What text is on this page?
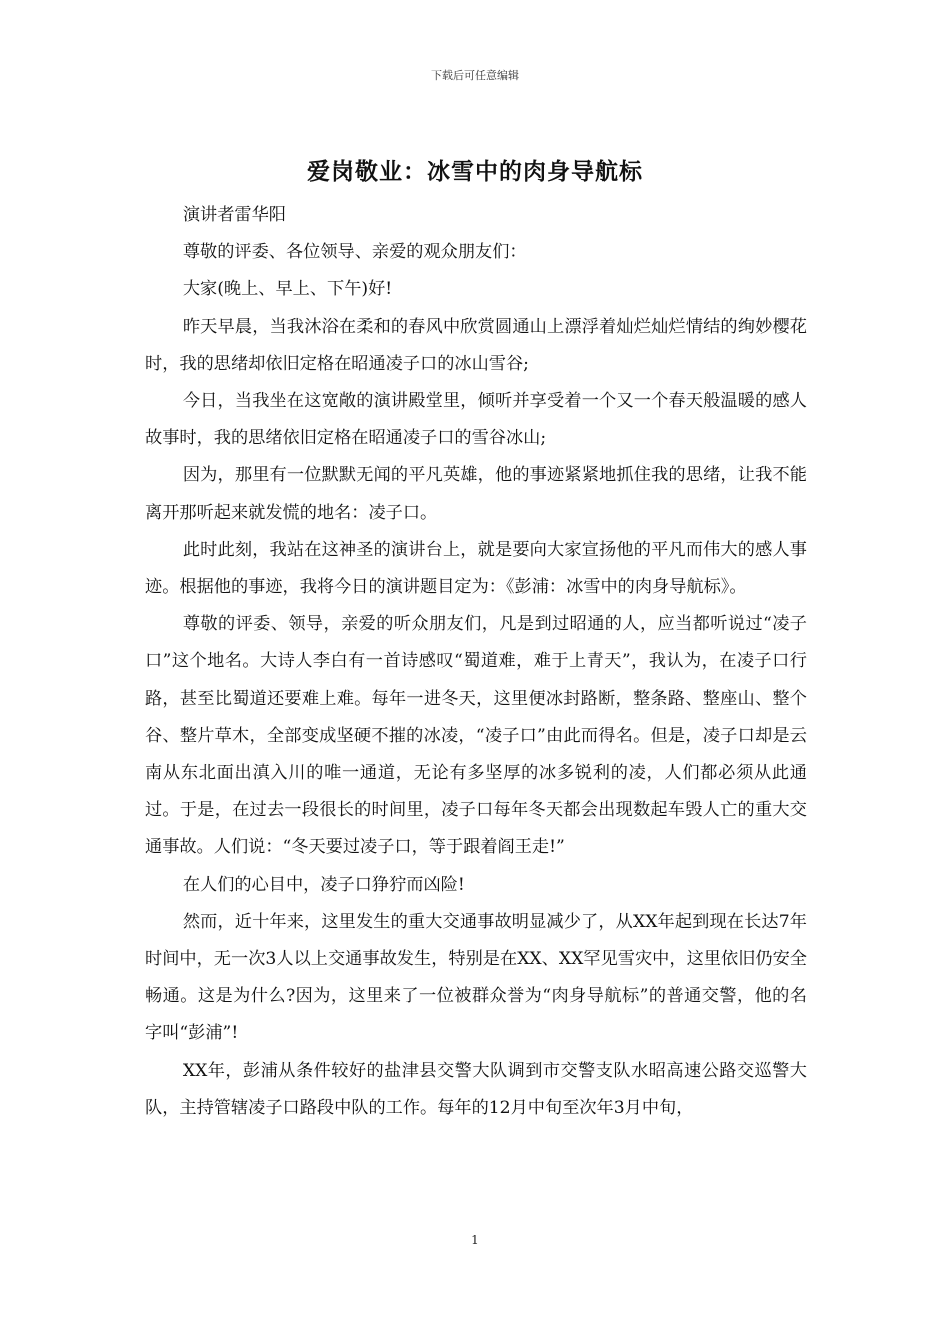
下载后可任意编辑
爱岗敬业：冰雪中的肉身导航标

演讲者雷华阳

尊敬的评委、各位领导、亲爱的观众朋友们：

大家(晚上、早上、下午)好!

昨天早晨，当我沐浴在柔和的春风中欣赏圆通山上漂浮着灿烂灿烂情结的绚妙樱花时，我的思绪却依旧定格在昭通凌子口的冰山雪谷;

今日，当我坐在这宽敞的演讲殿堂里，倾听并享受着一个又一个春天般温暖的感人故事时，我的思绪依旧定格在昭通凌子口的雪谷冰山;

因为，那里有一位默默无闻的平凡英雄，他的事迹紧紧地抓住我的思绪，让我不能离开那听起来就发慌的地名：凌子口。

此时此刻，我站在这神圣的演讲台上，就是要向大家宣扬他的平凡而伟大的感人事迹。根据他的事迹，我将今日的演讲题目定为：《彭浦：冰雪中的肉身导航标》。

尊敬的评委、领导，亲爱的听众朋友们，凡是到过昭通的人，应当都听说过“凌子口”这个地名。大诗人李白有一首诗感叹“蜀道难，难于上青天”，我认为，在凌子口行路，甚至比蜀道还要难上难。每年一进冬天，这里便冰封路断，整条路、整座山、整个谷、整片草木，全部变成坚硬不摧的冰凌，“凌子口”由此而得名。但是，凌子口却是云南从东北面出滇入川的唯一通道，无论有多坚厚的冰多锐利的凌，人们都必须从此通过。于是，在过去一段很长的时间里，凌子口每年冬天都会出现数起车毁人亡的重大交通事故。人们说：“冬天要过凌子口，等于跟着阎王走!”

在人们的心目中，凌子口狰狞而凶险!

然而，近十年来，这里发生的重大交通事故明显减少了，从XX年起到现在长达7年时间中，无一次3人以上交通事故发生，特别是在XX、XX罕见雪灾中，这里依旧仍安全畅通。这是为什么?因为，这里来了一位被群众誉为“肉身导航标”的普通交警，他的名字叫“彭浦”!

XX年，彭浦从条件较好的盐津县交警大队调到市交警支队水昭高速公路交巡警大队，主持管辖凌子口路段中队的工作。每年的12月中旬至次年3月中旬，

1
